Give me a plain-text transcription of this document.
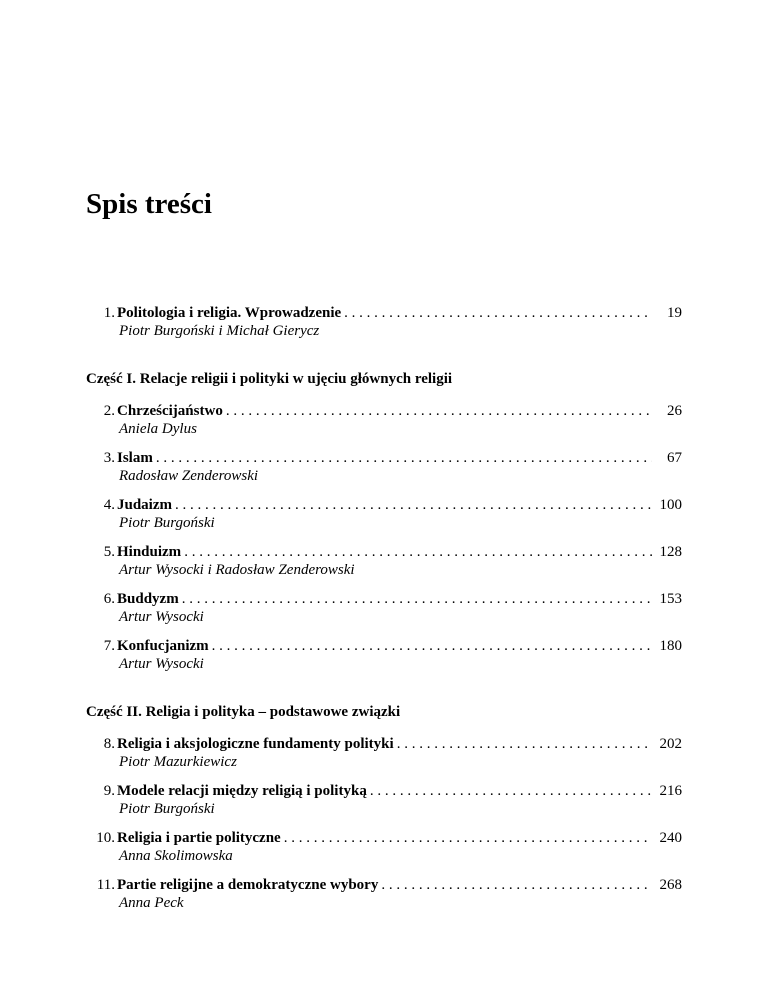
Spis treści
1. Politologia i religia. Wprowadzenie . . .	19
Piotr Burgoński i Michał Gierycz
Część I. Relacje religii i polityki w ujęciu głównych religii
2. Chrześcijaństwo . . .	26
Aniela Dylus
3. Islam . . .	67
Radosław Zenderowski
4. Judaizm . . .	100
Piotr Burgoński
5. Hinduizm . . .	128
Artur Wysocki i Radosław Zenderowski
6. Buddyzm . . .	153
Artur Wysocki
7. Konfucjanizm . . .	180
Artur Wysocki
Część II. Religia i polityka – podstawowe związki
8. Religia i aksjologiczne fundamenty polityki . . .	202
Piotr Mazurkiewicz
9. Modele relacji między religią i polityką . . .	216
Piotr Burgoński
10. Religia i partie polityczne . . .	240
Anna Skolimowska
11. Partie religijne a demokratyczne wybory . . .	268
Anna Peck
